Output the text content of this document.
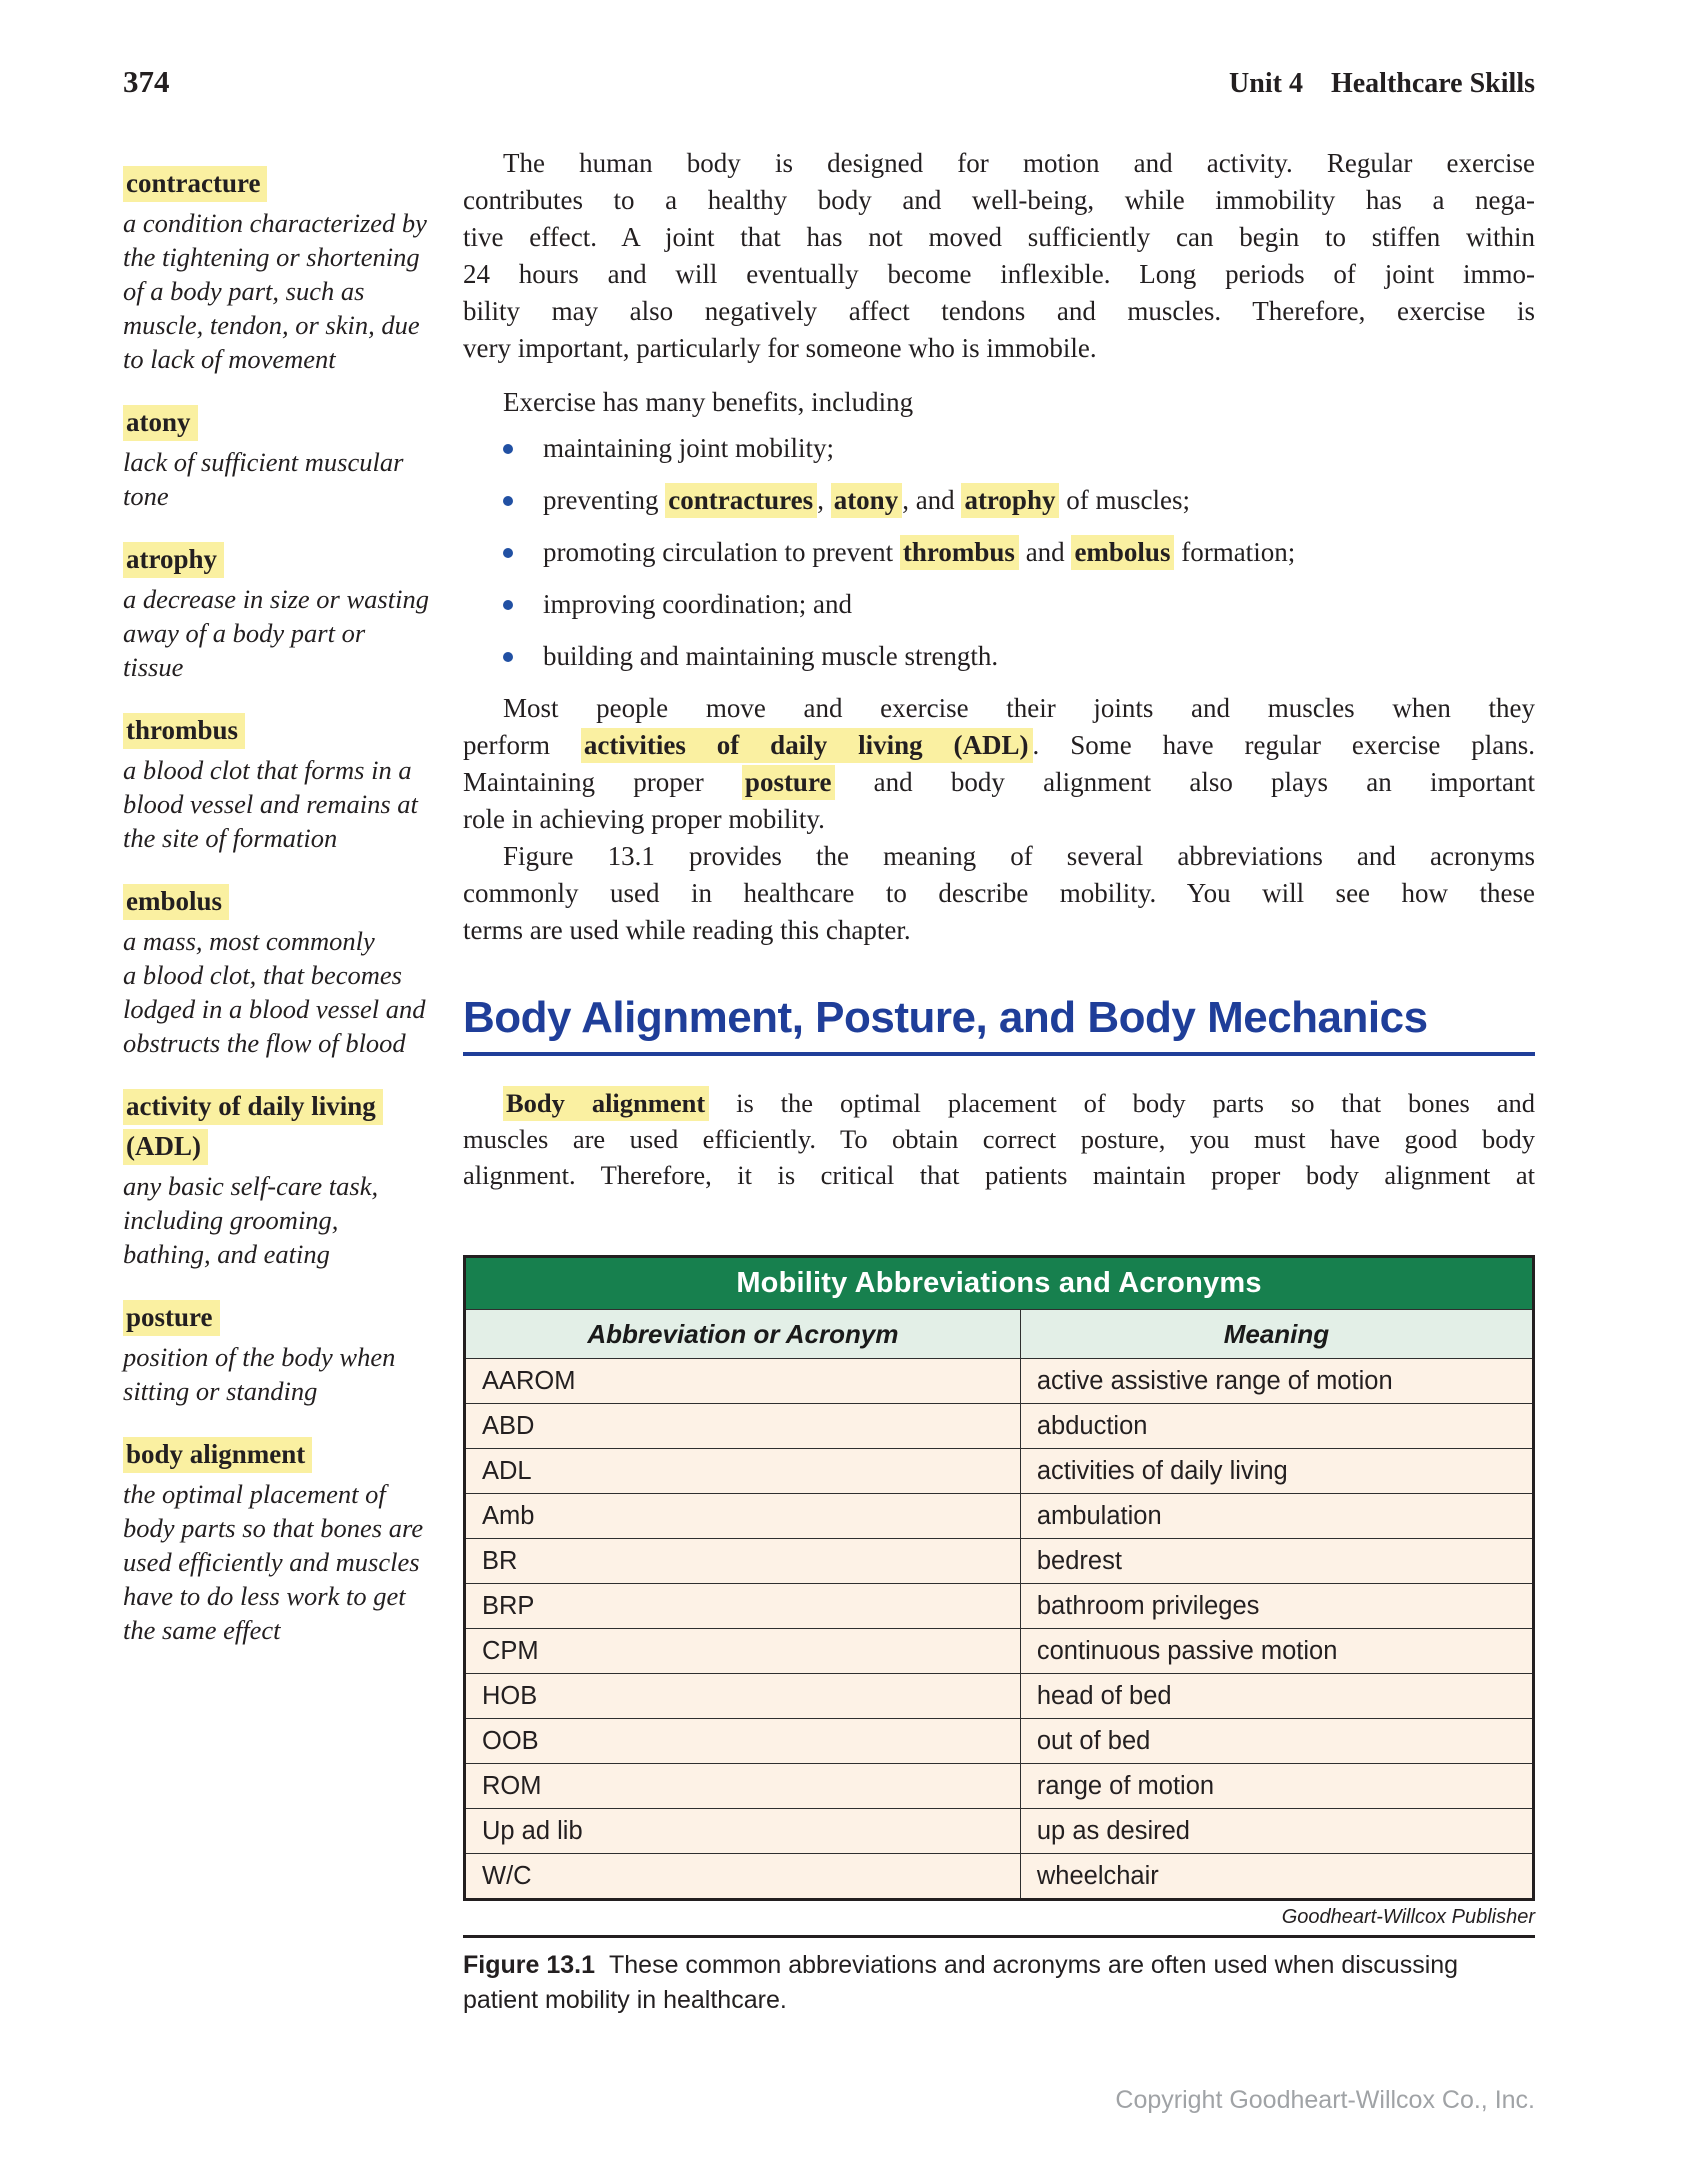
374	Unit 4 Healthcare Skills
contracture
a condition characterized by
the tightening or shortening
of a body part, such as
muscle, tendon, or skin, due
to lack of movement
atony
lack of sufficient muscular
tone
atrophy
a decrease in size or wasting
away of a body part or
tissue
thrombus
a blood clot that forms in a
blood vessel and remains at
the site of formation
embolus
a mass, most commonly
a blood clot, that becomes
lodged in a blood vessel and
obstructs the flow of blood
activity of daily living
(ADL)
any basic self-care task,
including grooming,
bathing, and eating
posture
position of the body when
sitting or standing
body alignment
the optimal placement of
body parts so that bones are
used efficiently and muscles
have to do less work to get
the same effect
The human body is designed for motion and activity. Regular exercise
contributes to a healthy body and well-being, while immobility has a nega-
tive effect. A joint that has not moved sufficiently can begin to stiffen within
24 hours and will eventually become inflexible. Long periods of joint immo-
bility may also negatively affect tendons and muscles. Therefore, exercise is
very important, particularly for someone who is immobile.
Exercise has many benefits, including
maintaining joint mobility;
preventing contractures , atony , and atrophy of muscles;
promoting circulation to prevent thrombus and embolus formation;
improving coordination; and
building and maintaining muscle strength.
Most people move and exercise their joints and muscles when they
perform activities of daily living (ADL) . Some have regular exercise plans.
Maintaining proper posture and body alignment also plays an important
role in achieving proper mobility.
Figure 13.1 provides the meaning of several abbreviations and acronyms
commonly used in healthcare to describe mobility. You will see how these
terms are used while reading this chapter.
Body Alignment, Posture, and Body Mechanics
Body alignment is the optimal placement of body parts so that bones and
muscles are used efficiently. To obtain correct posture, you must have good body
alignment. Therefore, it is critical that patients maintain proper body alignment at
Mobility Abbreviations and Acronyms	
Abbreviation or Acronym	Meaning
AAROM	active assistive range of motion
ABD	abduction
ADL	activities of daily living
Amb	ambulation
BR	bedrest
BRP	bathroom privileges
CPM	continuous passive motion
HOB	head of bed
OOB	out of bed
ROM	range of motion
Up ad lib	up as desired
W/C	wheelchair
Goodheart-Willcox Publisher
Figure 13.1 These common abbreviations and acronyms are often used when discussing
patient mobility in healthcare.
Copyright Goodheart-Willcox Co., Inc.
